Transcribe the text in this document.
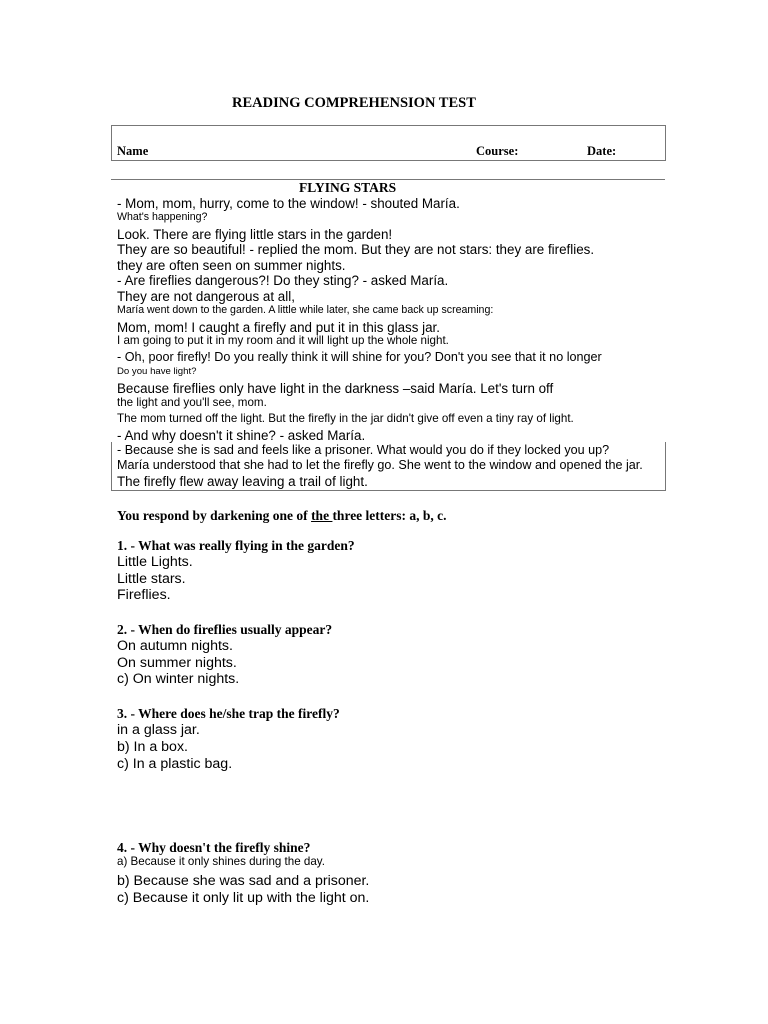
READING COMPREHENSION TEST
Name	Course:	Date:
FLYING STARS
- Mom, mom, hurry, come to the window! - shouted María.
What's happening?
Look. There are flying little stars in the garden!
They are so beautiful! - replied the mom. But they are not stars: they are fireflies.
they are often seen on summer nights.
- Are fireflies dangerous?! Do they sting? - asked María.
They are not dangerous at all,
María went down to the garden. A little while later, she came back up screaming:
Mom, mom! I caught a firefly and put it in this glass jar.
I am going to put it in my room and it will light up the whole night.
- Oh, poor firefly! Do you really think it will shine for you? Don't you see that it no longer
Do you have light?
Because fireflies only have light in the darkness –said María. Let's turn off
the light and you'll see, mom.
The mom turned off the light. But the firefly in the jar didn't give off even a tiny ray of light.
- And why doesn't it shine? - asked María.
- Because she is sad and feels like a prisoner. What would you do if they locked you up?
María understood that she had to let the firefly go. She went to the window and opened the jar.
The firefly flew away leaving a trail of light.
You respond by darkening one of the three letters: a, b, c.
1. - What was really flying in the garden?
Little Lights.
Little stars.
Fireflies.
2. - When do fireflies usually appear?
On autumn nights.
On summer nights.
c) On winter nights.
3. - Where does he/she trap the firefly?
in a glass jar.
b) In a box.
c) In a plastic bag.
4. - Why doesn't the firefly shine?
a) Because it only shines during the day.
b) Because she was sad and a prisoner.
c) Because it only lit up with the light on.
